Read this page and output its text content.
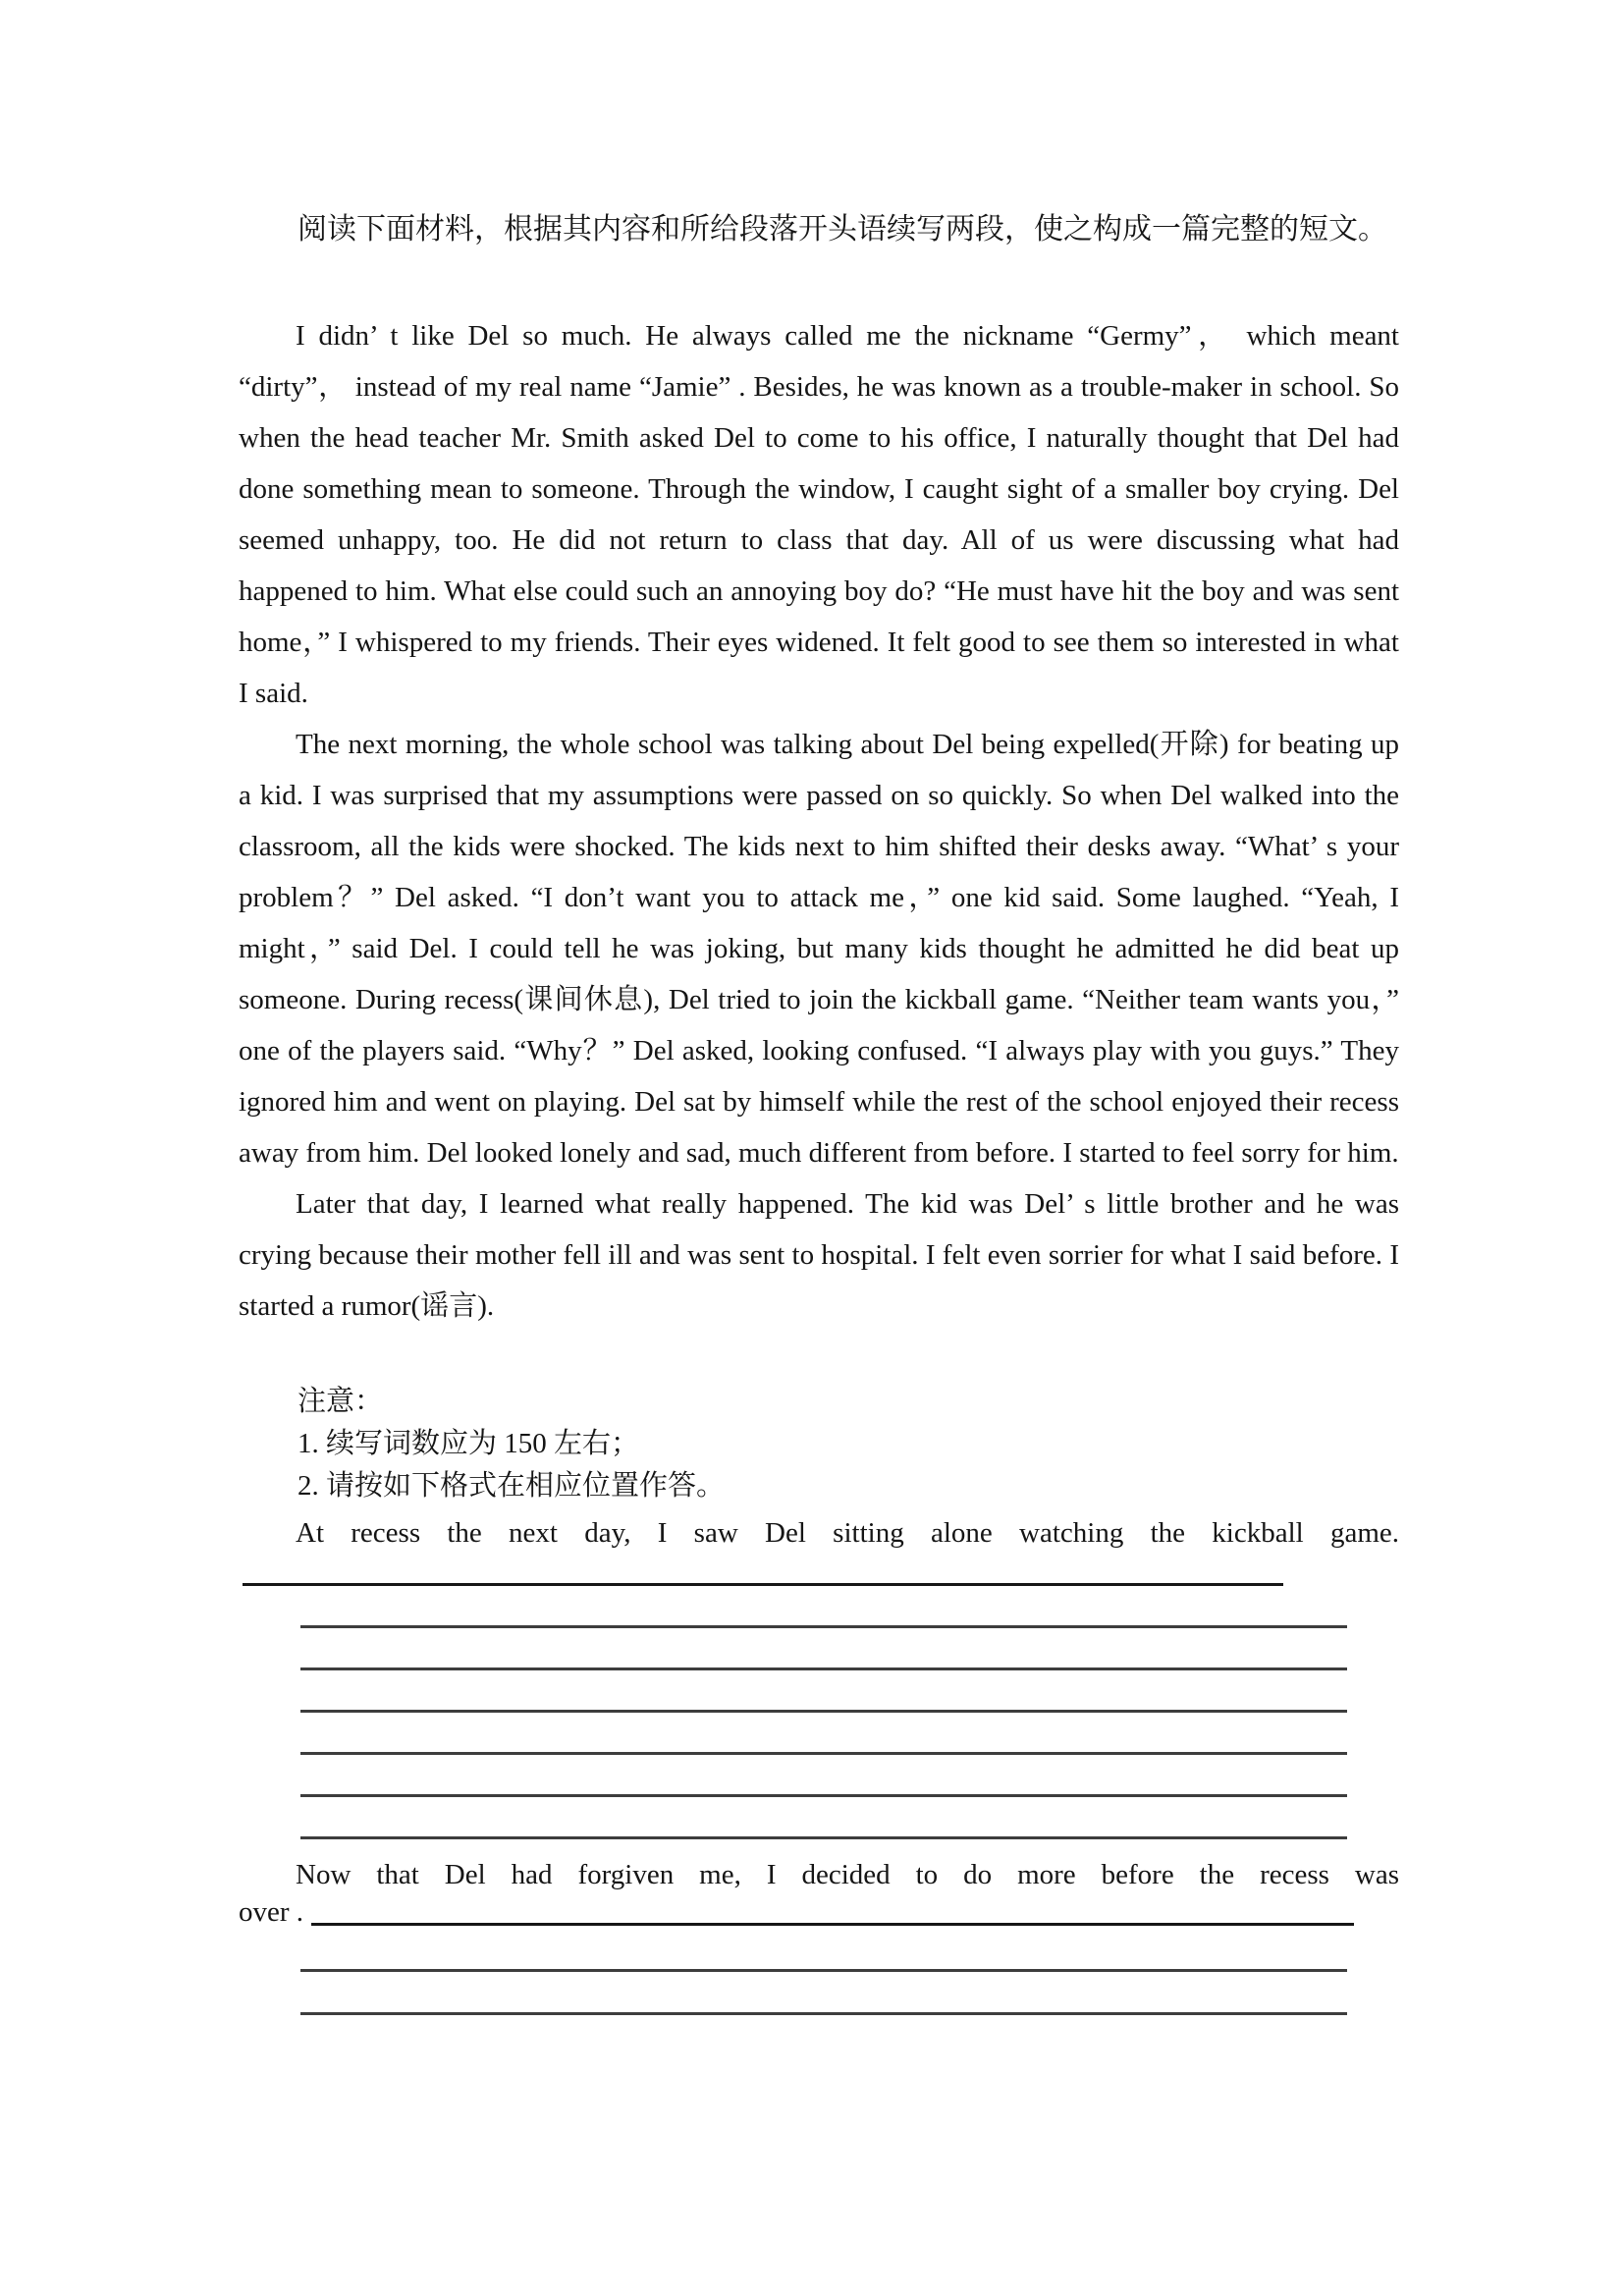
阅读下面材料，根据其内容和所给段落开头语续写两段，使之构成一篇完整的短文。
I didn’ t like Del so much. He always called me the nickname “Germy”， which meant “dirty”， instead of my real name “Jamie” . Besides, he was known as a trouble-maker in school. So when the head teacher Mr. Smith asked Del to come to his office, I naturally thought that Del had done something mean to someone. Through the window, I caught sight of a smaller boy crying. Del seemed unhappy, too. He did not return to class that day. All of us were discussing what had happened to him. What else could such an annoying boy do? “He must have hit the boy and was sent home，” I whispered to my friends. Their eyes widened. It felt good to see them so interested in what I said.
The next morning, the whole school was talking about Del being expelled(开除) for beating up a kid. I was surprised that my assumptions were passed on so quickly. So when Del walked into the classroom, all the kids were shocked. The kids next to him shifted their desks away. “What’ s your problem？” Del asked. “I don’t want you to attack me，” one kid said. Some laughed. “Yeah, I might，” said Del. I could tell he was joking, but many kids thought he admitted he did beat up someone. During recess(课间休息), Del tried to join the kickball game. “Neither team wants you，” one of the players said. “Why？” Del asked, looking confused. “I always play with you guys.” They ignored him and went on playing. Del sat by himself while the rest of the school enjoyed their recess away from him. Del looked lonely and sad, much different from before. I started to feel sorry for him.
Later that day, I learned what really happened. The kid was Del’ s little brother and he was crying because their mother fell ill and was sent to hospital. I felt even sorrier for what I said before. I started a rumor(谣言).
注意：
1. 续写词数应为 150 左右；
2. 请按如下格式在相应位置作答。
At recess the next day, I saw Del sitting alone watching the kickball game.
Now that Del had forgiven me, I decided to do more before the recess was
over .
